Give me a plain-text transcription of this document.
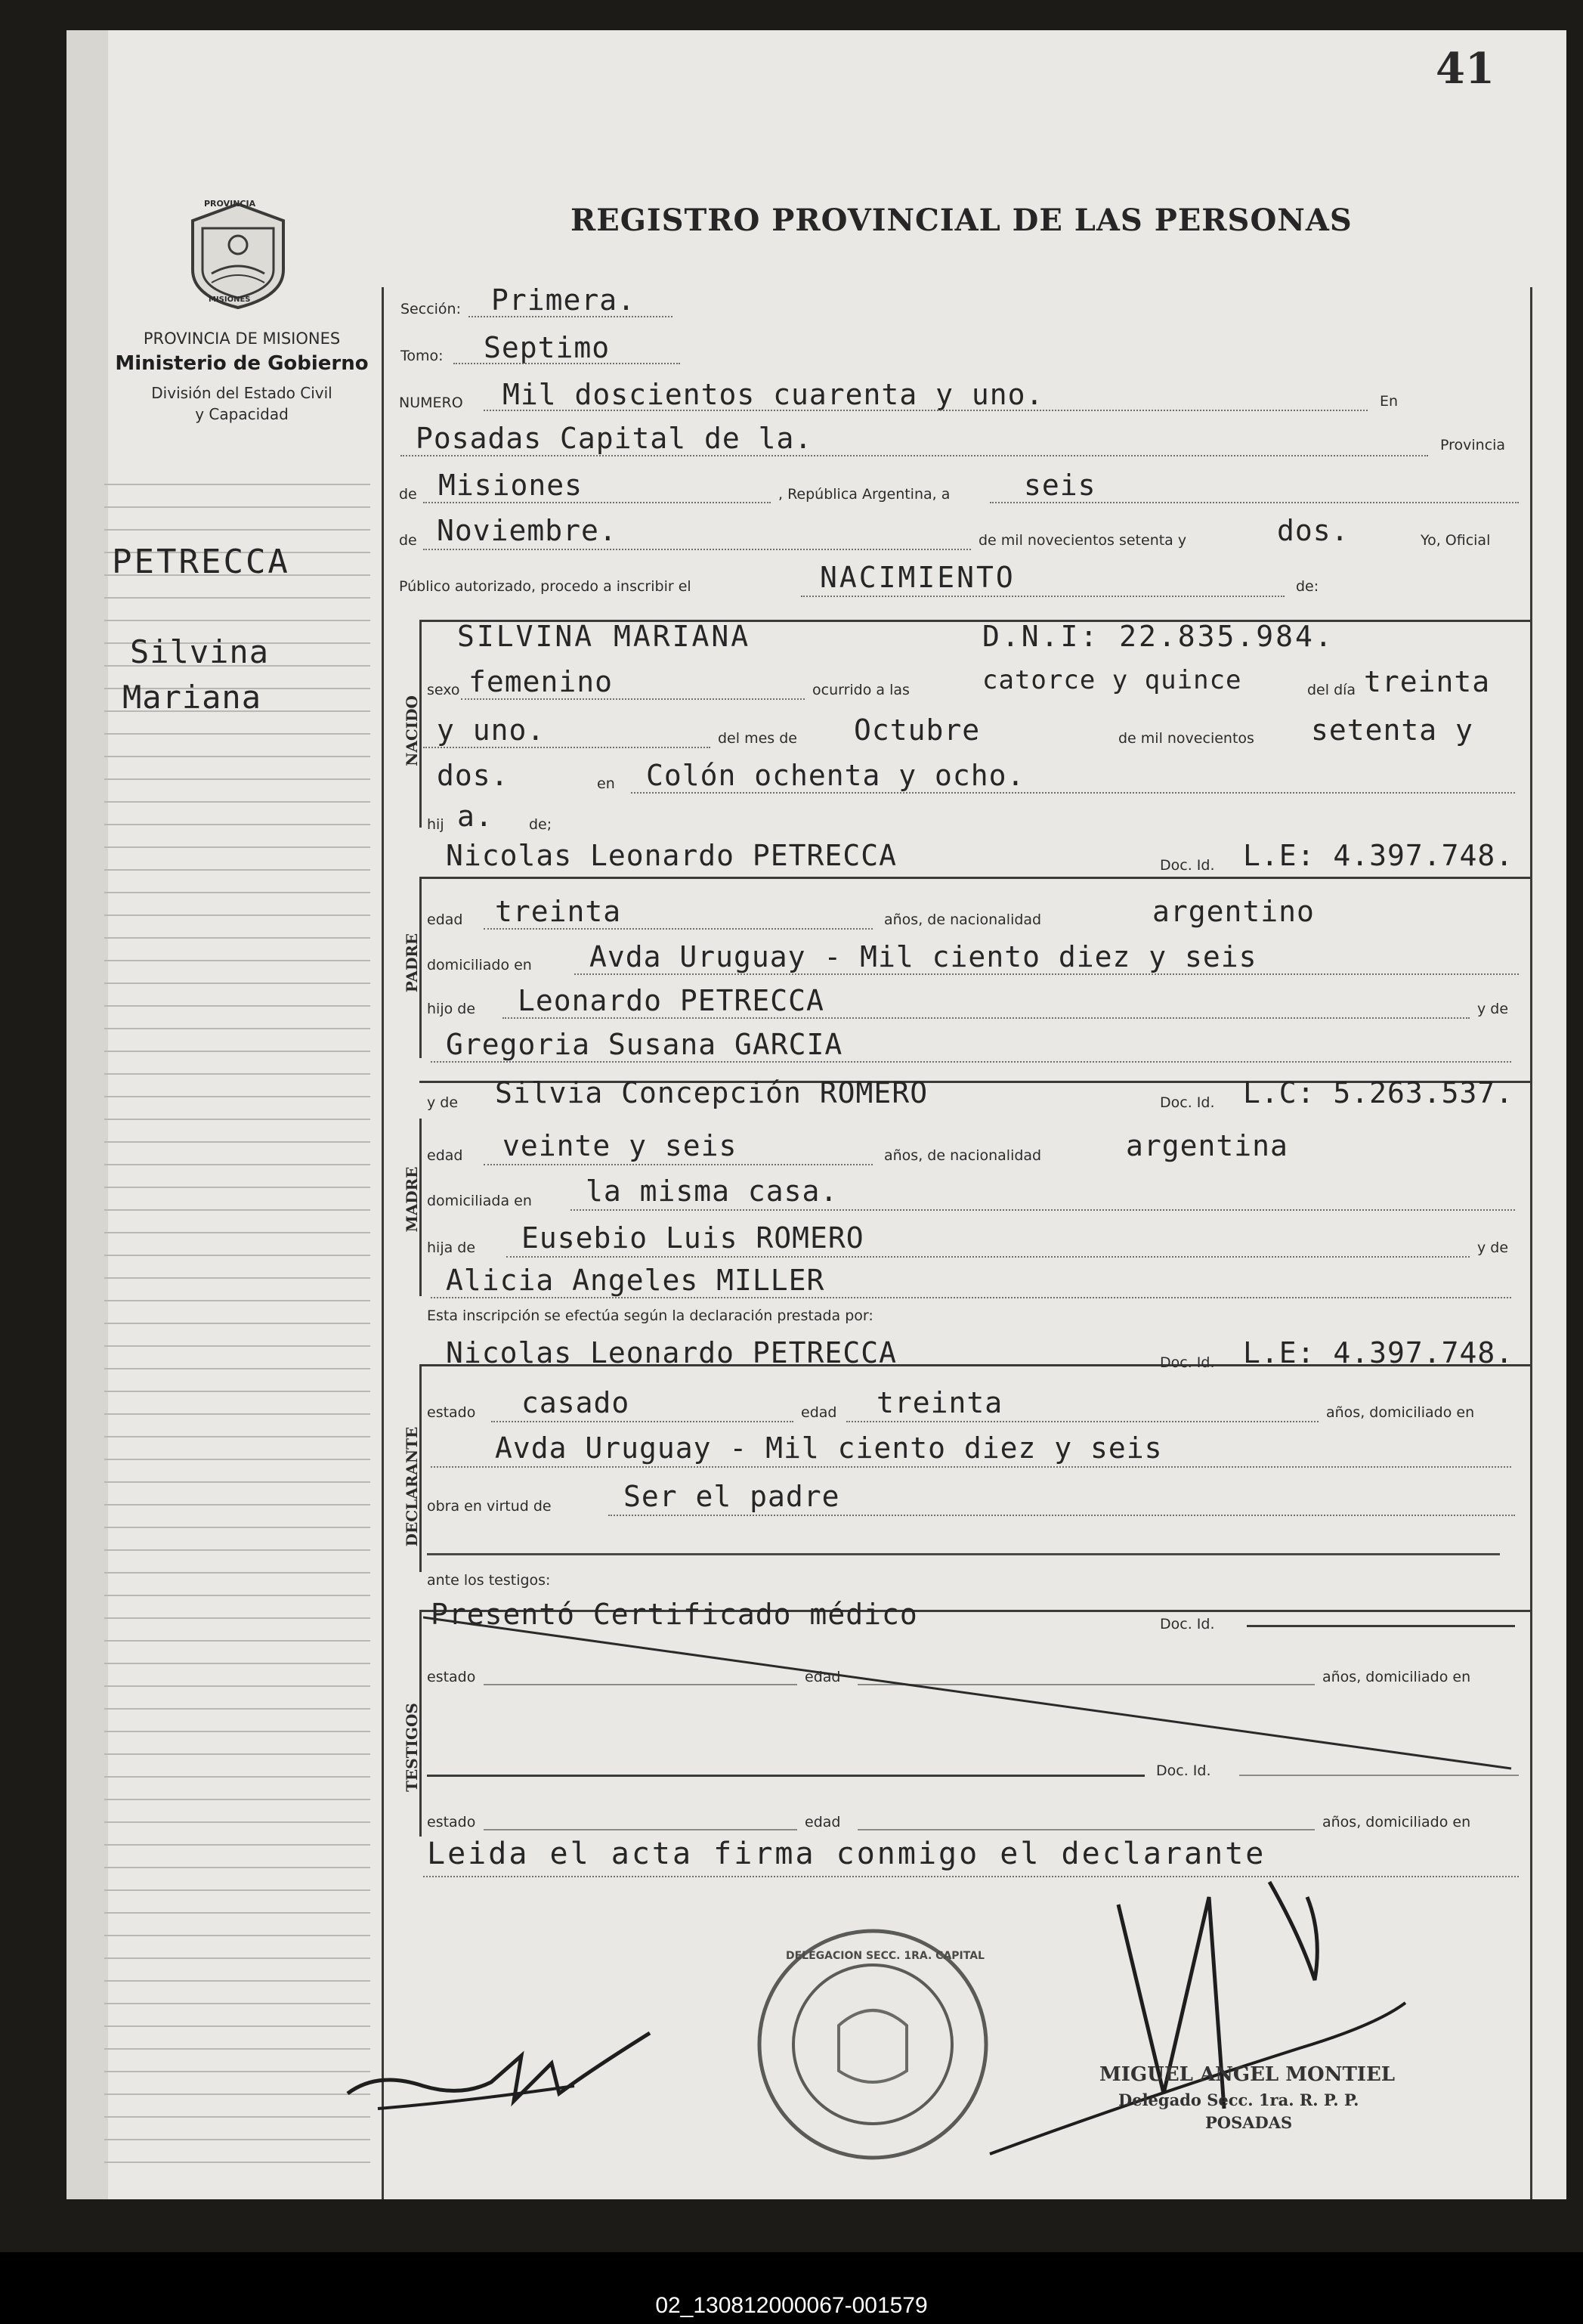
41
PROVINCIA
MISIONES
PROVINCIA DE MISIONES
Ministerio de Gobierno
División del Estado Civil
y Capacidad
REGISTRO PROVINCIAL DE LAS PERSONAS
NACIDO
PADRE
MADRE
DECLARANTE
TESTIGOS
PETRECCA
Silvina
Mariana
Sección: Primera.
Tomo: Septimo
NUMERO Mil doscientos cuarenta y uno.	En
Posadas Capital de la.	Provincia
de Misiones	, República Argentina, a	seis
de Noviembre.	de mil novecientos setenta y	dos.	Yo, Oficial
Público autorizado, procedo a inscribir el	NACIMIENTO	de:
SILVINA MARIANA	D.N.I: 22.835.984.
sexo femenino	ocurrido a las	catorce y quince	del día treinta
y uno.	del mes de Octubre	de mil novecientos setenta y
dos.	en Colón ochenta y ocho.
hij a. de;
Nicolas Leonardo PETRECCA	Doc. Id. L.E: 4.397.748.
edad treinta	años, de nacionalidad	argentino
domiciliado en Avda Uruguay - Mil ciento diez y seis
hijo de Leonardo PETRECCA	y de
Gregoria Susana GARCIA
y de Silvia Concepción ROMERO	Doc. Id. L.C: 5.263.537.
edad veinte y seis	años, de nacionalidad	argentina
domiciliada en la misma casa.
hija de Eusebio Luis ROMERO	y de
Alicia Angeles MILLER
Esta inscripción se efectúa según la declaración prestada por:
Nicolas Leonardo PETRECCA	Doc. Id. L.E: 4.397.748.
estado casado	edad treinta	años, domiciliado en
Avda Uruguay - Mil ciento diez y seis
obra en virtud de	Ser el padre
ante los testigos:
Presentó Certificado médico	Doc. Id.
estado	edad	años, domiciliado en
Doc. Id.
estado	edad	años, domiciliado en
Leida el acta firma conmigo el declarante
DELEGACION SECC. 1RA. CAPITAL
MIGUEL ANGEL MONTIEL
Delegado Secc. 1ra. R. P. P.
POSADAS
02_130812000067-001579
